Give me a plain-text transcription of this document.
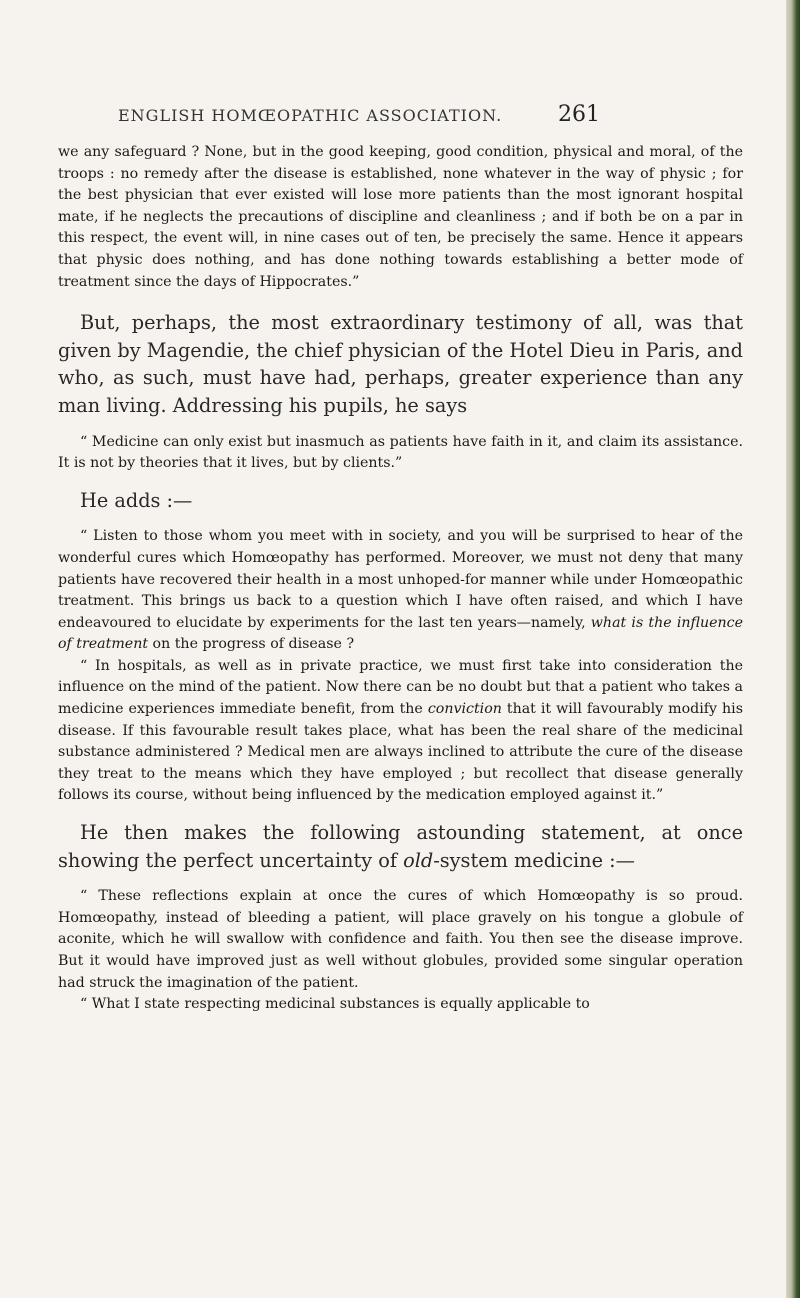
ENGLISH HOMŒOPATHIC ASSOCIATION.	261

we any safeguard ? None, but in the good keeping, good condition, physical and moral, of the troops : no remedy after the disease is established, none whatever in the way of physic ; for the best physician that ever existed will lose more patients than the most ignorant hospital mate, if he neglects the precautions of discipline and cleanliness ; and if both be on a par in this respect, the event will, in nine cases out of ten, be precisely the same. Hence it appears that physic does nothing, and has done nothing towards establishing a better mode of treatment since the days of Hippocrates.”

But, perhaps, the most extraordinary testimony of all, was that given by Magendie, the chief physician of the Hotel Dieu in Paris, and who, as such, must have had, perhaps, greater experience than any man living. Addressing his pupils, he says

“ Medicine can only exist but inasmuch as patients have faith in it, and claim its assistance. It is not by theories that it lives, but by clients.”

He adds :—

“ Listen to those whom you meet with in society, and you will be surprised to hear of the wonderful cures which Homœopathy has performed. Moreover, we must not deny that many patients have recovered their health in a most unhoped-for manner while under Homœopathic treatment. This brings us back to a question which I have often raised, and which I have endeavoured to elucidate by experiments for the last ten years—namely, what is the influence of treatment on the progress of disease ?

“ In hospitals, as well as in private practice, we must first take into consideration the influence on the mind of the patient. Now there can be no doubt but that a patient who takes a medicine experiences immediate benefit, from the conviction that it will favourably modify his disease. If this favourable result takes place, what has been the real share of the medicinal substance administered ? Medical men are always inclined to attribute the cure of the disease they treat to the means which they have employed ; but recollect that disease generally follows its course, without being influenced by the medication employed against it.”

He then makes the following astounding statement, at once showing the perfect uncertainty of old-system medicine :—

“ These reflections explain at once the cures of which Homœopathy is so proud. Homœopathy, instead of bleeding a patient, will place gravely on his tongue a globule of aconite, which he will swallow with confidence and faith. You then see the disease improve. But it would have improved just as well without globules, provided some singular operation had struck the imagination of the patient.

“ What I state respecting medicinal substances is equally applicable to
